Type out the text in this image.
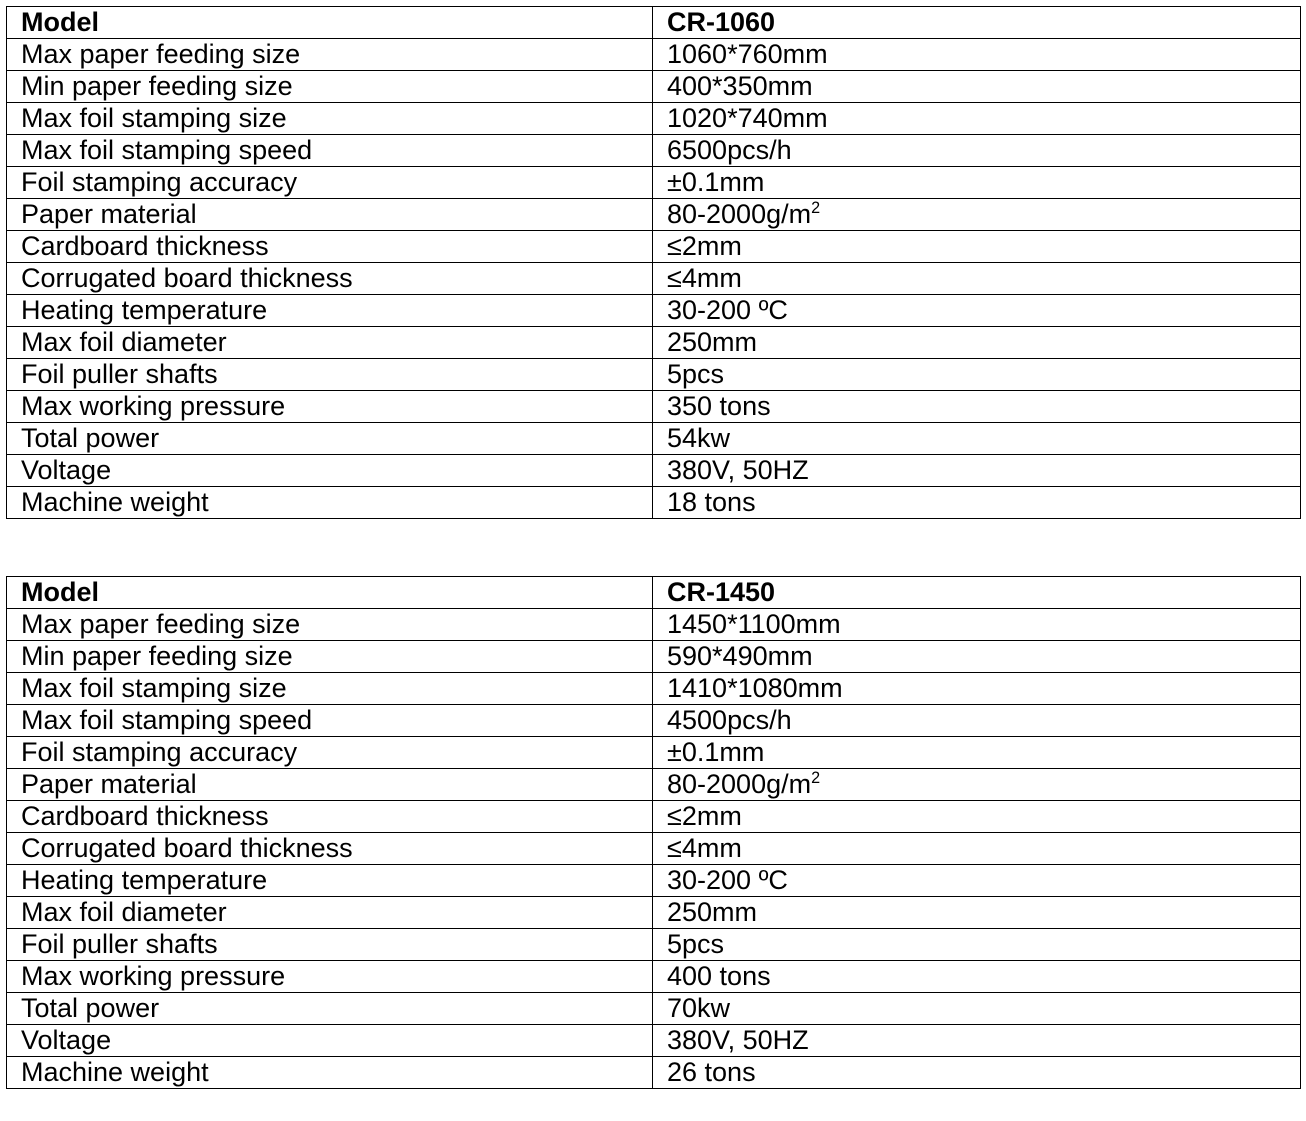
Model	CR-1060
Max paper feeding size	1060*760mm
Min paper feeding size	400*350mm
Max foil stamping size	1020*740mm
Max foil stamping speed	6500pcs/h
Foil stamping accuracy	±0.1mm
Paper material	$80-2000g/m^2$
Cardboard thickness	≤2mm
Corrugated board thickness	≤4mm
Heating temperature	30-200 ºC
Max foil diameter	250mm
Foil puller shafts	5pcs
Max working pressure	350 tons
Total power	54kw
Voltage	380V, 50HZ
Machine weight	18 tons
Model	CR-1450
Max paper feeding size	1450*1100mm
Min paper feeding size	590*490mm
Max foil stamping size	1410*1080mm
Max foil stamping speed	4500pcs/h
Foil stamping accuracy	±0.1mm
Paper material	$80-2000g/m^2$
Cardboard thickness	≤2mm
Corrugated board thickness	≤4mm
Heating temperature	30-200 ºC
Max foil diameter	250mm
Foil puller shafts	5pcs
Max working pressure	400 tons
Total power	70kw
Voltage	380V, 50HZ
Machine weight	26 tons
